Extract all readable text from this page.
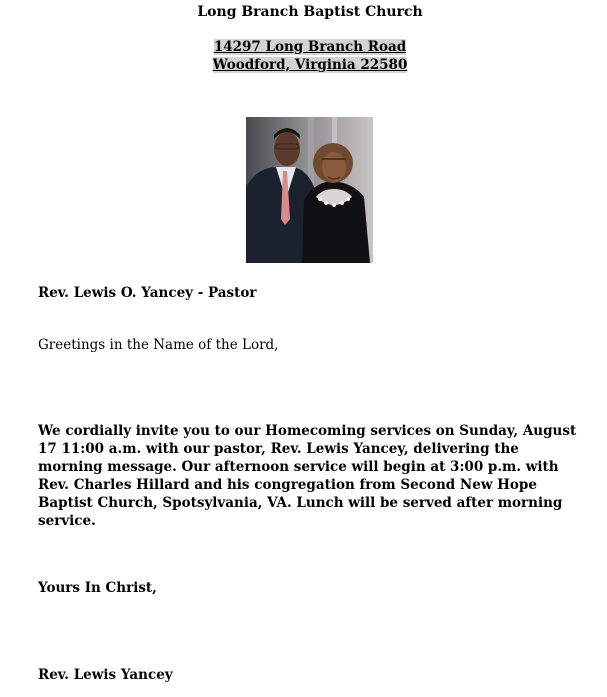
Long Branch Baptist Church
14297 Long Branch Road
Woodford, Virginia 22580
Rev. Lewis O. Yancey - Pastor
Greetings in the Name of the Lord,
We cordially invite you to our Homecoming services on Sunday, August 17 11:00 a.m. with our pastor, Rev. Lewis Yancey, delivering the morning message. Our afternoon service will begin at 3:00 p.m. with Rev. Charles Hillard and his congregation from Second New Hope Baptist Church, Spotsylvania, VA. Lunch will be served after morning service.
Yours In Christ,
Rev. Lewis Yancey
